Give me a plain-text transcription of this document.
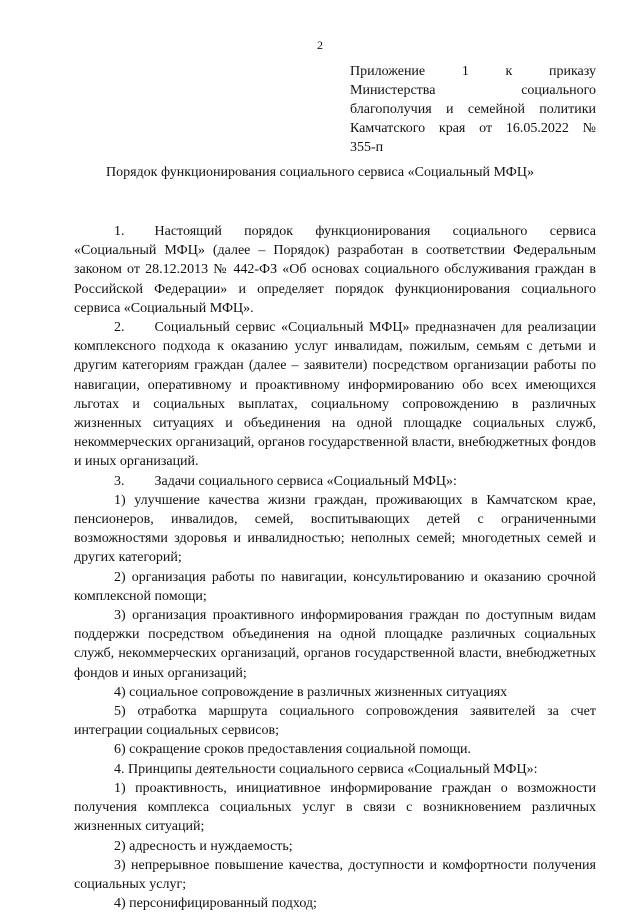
2
Приложение 1 к приказу
Министерства социального
благополучия и семейной политики
Камчатского края от 16.05.2022 №
355-п
Порядок функционирования социального сервиса «Социальный МФЦ»

1. Настоящий порядок функционирования социального сервиса «Социальный МФЦ» (далее – Порядок) разработан в соответствии Федеральным законом от 28.12.2013 № 442-ФЗ «Об основах социального обслуживания граждан в Российской Федерации» и определяет порядок функционирования социального сервиса «Социальный МФЦ».

2. Социальный сервис «Социальный МФЦ» предназначен для реализации комплексного подхода к оказанию услуг инвалидам, пожилым, семьям с детьми и другим категориям граждан (далее – заявители) посредством организации работы по навигации, оперативному и проактивному информированию обо всех имеющихся льготах и социальных выплатах, социальному сопровождению в различных жизненных ситуациях и объединения на одной площадке социальных служб, некоммерческих организаций, органов государственной власти, внебюджетных фондов и иных организаций.

3. Задачи социального сервиса «Социальный МФЦ»:

1) улучшение качества жизни граждан, проживающих в Камчатском крае, пенсионеров, инвалидов, семей, воспитывающих детей с ограниченными возможностями здоровья и инвалидностью; неполных семей; многодетных семей и других категорий;

2) организация работы по навигации, консультированию и оказанию срочной комплексной помощи;

3) организация проактивного информирования граждан по доступным видам поддержки посредством объединения на одной площадке различных социальных служб, некоммерческих организаций, органов государственной власти, внебюджетных фондов и иных организаций;

4) социальное сопровождение в различных жизненных ситуациях

5) отработка маршрута социального сопровождения заявителей за счет интеграции социальных сервисов;

6) сокращение сроков предоставления социальной помощи.

4. Принципы деятельности социального сервиса «Социальный МФЦ»:

1) проактивность, инициативное информирование граждан о возможности получения комплекса социальных услуг в связи с возникновением различных жизненных ситуаций;

2) адресность и нуждаемость;

3) непрерывное повышение качества, доступности и комфортности получения социальных услуг;

4) персонифицированный подход;
